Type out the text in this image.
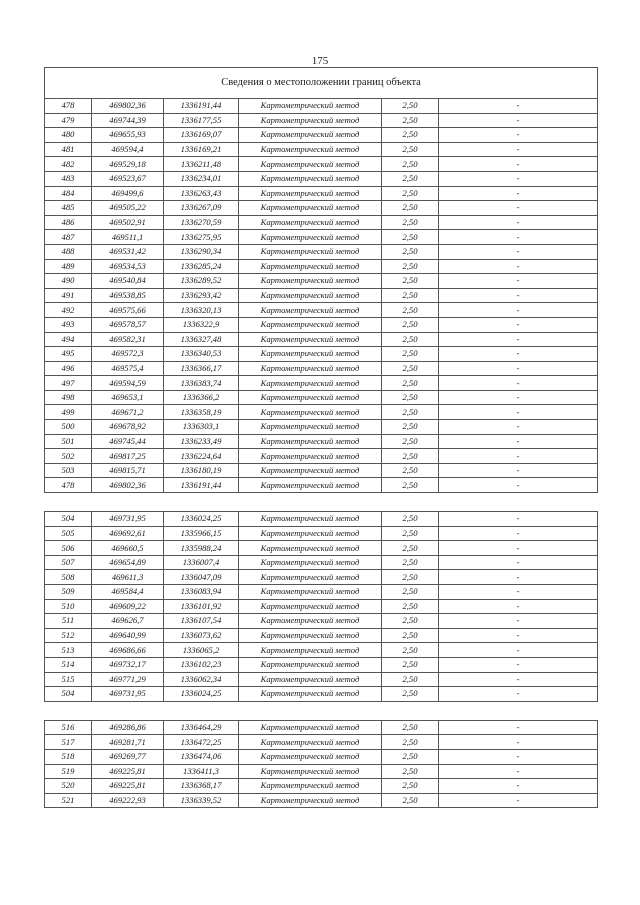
175
Сведения о местоположении границ объекта					
478	469802,36	1336191,44	Картометрический метод	2,50	-
479	469744,39	1336177,55	Картометрический метод	2,50	-
480	469655,93	1336169,07	Картометрический метод	2,50	-
481	469594,4	1336169,21	Картометрический метод	2,50	-
482	469529,18	1336211,48	Картометрический метод	2,50	-
483	469523,67	1336234,01	Картометрический метод	2,50	-
484	469499,6	1336263,43	Картометрический метод	2,50	-
485	469505,22	1336267,09	Картометрический метод	2,50	-
486	469502,91	1336270,59	Картометрический метод	2,50	-
487	469511,1	1336275,95	Картометрический метод	2,50	-
488	469531,42	1336290,34	Картометрический метод	2,50	-
489	469534,53	1336285,24	Картометрический метод	2,50	-
490	469540,84	1336289,52	Картометрический метод	2,50	-
491	469538,85	1336293,42	Картометрический метод	2,50	-
492	469575,66	1336320,13	Картометрический метод	2,50	-
493	469578,57	1336322,9	Картометрический метод	2,50	-
494	469582,31	1336327,48	Картометрический метод	2,50	-
495	469572,3	1336340,53	Картометрический метод	2,50	-
496	469575,4	1336366,17	Картометрический метод	2,50	-
497	469594,59	1336383,74	Картометрический метод	2,50	-
498	469653,1	1336366,2	Картометрический метод	2,50	-
499	469671,2	1336358,19	Картометрический метод	2,50	-
500	469678,92	1336303,1	Картометрический метод	2,50	-
501	469745,44	1336233,49	Картометрический метод	2,50	-
502	469817,25	1336224,64	Картометрический метод	2,50	-
503	469815,71	1336180,19	Картометрический метод	2,50	-
478	469802,36	1336191,44	Картометрический метод	2,50	-

504	469731,95	1336024,25	Картометрический метод	2,50	-
505	469692,61	1335966,15	Картометрический метод	2,50	-
506	469660,5	1335988,24	Картометрический метод	2,50	-
507	469654,89	1336007,4	Картометрический метод	2,50	-
508	469611,3	1336047,09	Картометрический метод	2,50	-
509	469584,4	1336083,94	Картометрический метод	2,50	-
510	469609,22	1336101,92	Картометрический метод	2,50	-
511	469626,7	1336107,54	Картометрический метод	2,50	-
512	469640,99	1336073,62	Картометрический метод	2,50	-
513	469686,66	1336065,2	Картометрический метод	2,50	-
514	469732,17	1336102,23	Картометрический метод	2,50	-
515	469771,29	1336062,34	Картометрический метод	2,50	-
504	469731,95	1336024,25	Картометрический метод	2,50	-

516	469286,86	1336464,29	Картометрический метод	2,50	-
517	469281,71	1336472,25	Картометрический метод	2,50	-
518	469269,77	1336474,06	Картометрический метод	2,50	-
519	469225,81	1336411,3	Картометрический метод	2,50	-
520	469225,81	1336368,17	Картометрический метод	2,50	-
521	469222,93	1336339,52	Картометрический метод	2,50	-
